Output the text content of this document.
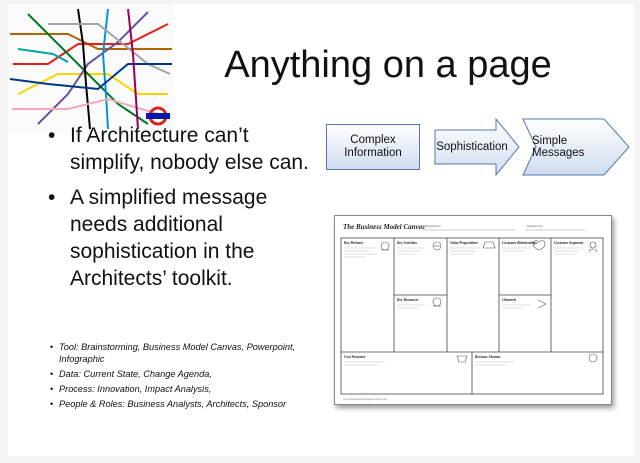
Anything on a page
• If Architecture can’t simplify, nobody else can.
• A simplified message needs additional sophistication in the Architects’ toolkit.
• Tool: Brainstorming, Business Model Canvas, Powerpoint, Infographic
• Data: Current State, Change Agenda,
• Process: Innovation, Impact Analysis,
• People & Roles: Business Analysts, Architects, Sponsor
Complex Information	Sophistication	Simple Messages
The Business Model Canvas Designed for:	Designed by:
Key Partners	Key Activities
Key Resources
Value Propositions	Customer Relationships
Channels
Customer Segments
Cost Structure	Revenue Streams
www.businessmodelgeneration.com
